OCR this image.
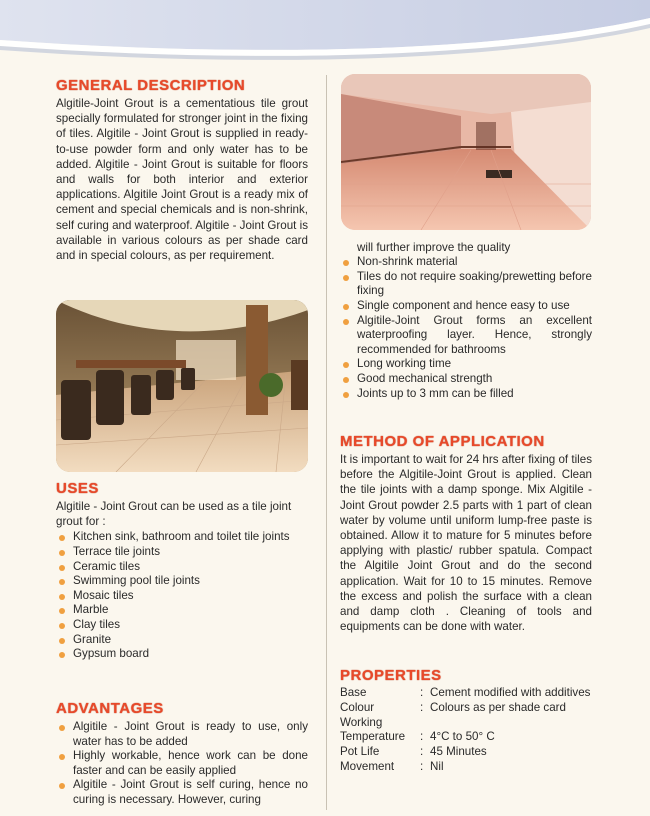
GENERAL DESCRIPTION

Algitile-Joint Grout is a cementatious tile grout specially formulated for stronger joint in the fixing of tiles. Algitile - Joint Grout is supplied in ready-to-use powder form and only water has to be added. Algitile - Joint Grout is suitable for floors and walls for both interior and exterior applications. Algitile Joint Grout is a ready mix of cement and special chemicals and is non-shrink, self curing and waterproof. Algitile - Joint Grout is available in various colours as per shade card and in special colours, as per requirement.

USES

Algitile - Joint Grout can be used as a tile joint grout for :

Kitchen sink, bathroom and toilet tile joints
Terrace tile joints
Ceramic tiles
Swimming pool tile joints
Mosaic tiles
Marble
Clay tiles
Granite
Gypsum board
ADVANTAGES
Algitile - Joint Grout is ready to use, only water has to be added
Highly workable, hence work can be done faster and can be easily applied
Algitile - Joint Grout is self curing, hence no curing is necessary. However, curing

will further improve the quality

Non-shrink material
Tiles do not require soaking/prewetting before fixing
Single component and hence easy to use
Algitile-Joint Grout forms an excellent waterproofing layer. Hence, strongly recommended for bathrooms
Long working time
Good mechanical strength
Joints up to 3 mm can be filled
METHOD OF APPLICATION

It is important to wait for 24 hrs after fixing of tiles before the Algitile-Joint Grout is applied. Clean the tile joints with a damp sponge. Mix Algitile - Joint Grout powder 2.5 parts with 1 part of clean water by volume until uniform lump-free paste is obtained. Allow it to mature for 5 minutes before applying with plastic/ rubber spatula. Compact the Algitile Joint Grout and do the second application. Wait for 10 to 15 minutes. Remove the excess and polish the surface with a clean and damp cloth . Cleaning of tools and equipments can be done with water.

PROPERTIES
Base	: Cement modified with additives
Colour	: Colours as per shade card
Working
Temperature	: 4°C to 50° C
Pot Life	: 45 Minutes
Movement	: Nil
